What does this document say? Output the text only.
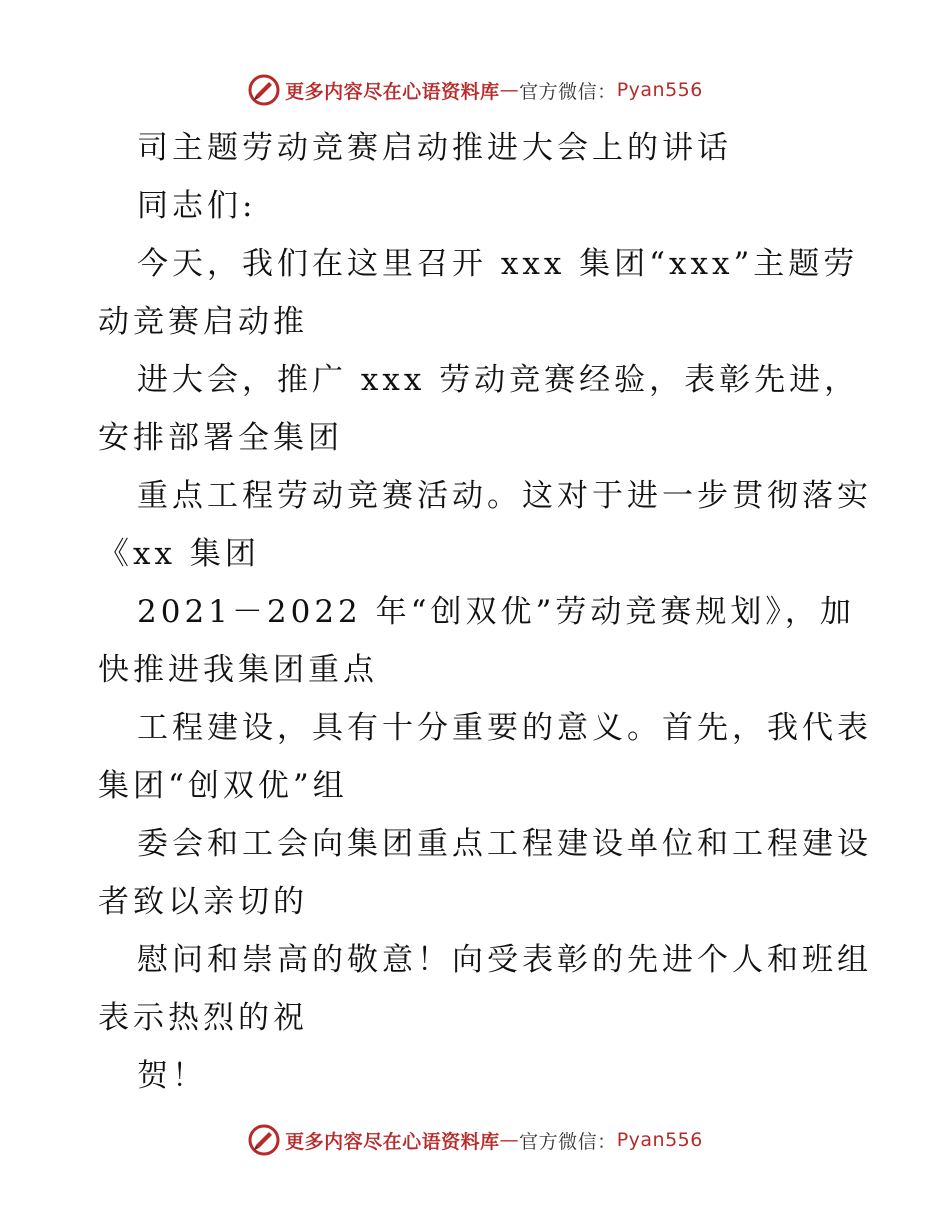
更多内容尽在心语资料库 — 官方微信： Pyan556
司主题劳动竞赛启动推进大会上的讲话
同志们:
今天，我们在这里召开 xxx 集团“xxx”主题劳
动竞赛启动推
进大会，推广 xxx 劳动竞赛经验，表彰先进，
安排部署全集团
重点工程劳动竞赛活动。这对于进一步贯彻落实
《xx 集团
2021－2022 年“创双优”劳动竞赛规划》，加
快推进我集团重点
工程建设，具有十分重要的意义。首先，我代表
集团“创双优”组
委会和工会向集团重点工程建设单位和工程建设
者致以亲切的
慰问和崇高的敬意！向受表彰的先进个人和班组
表示热烈的祝
贺！
更多内容尽在心语资料库 — 官方微信： Pyan556
